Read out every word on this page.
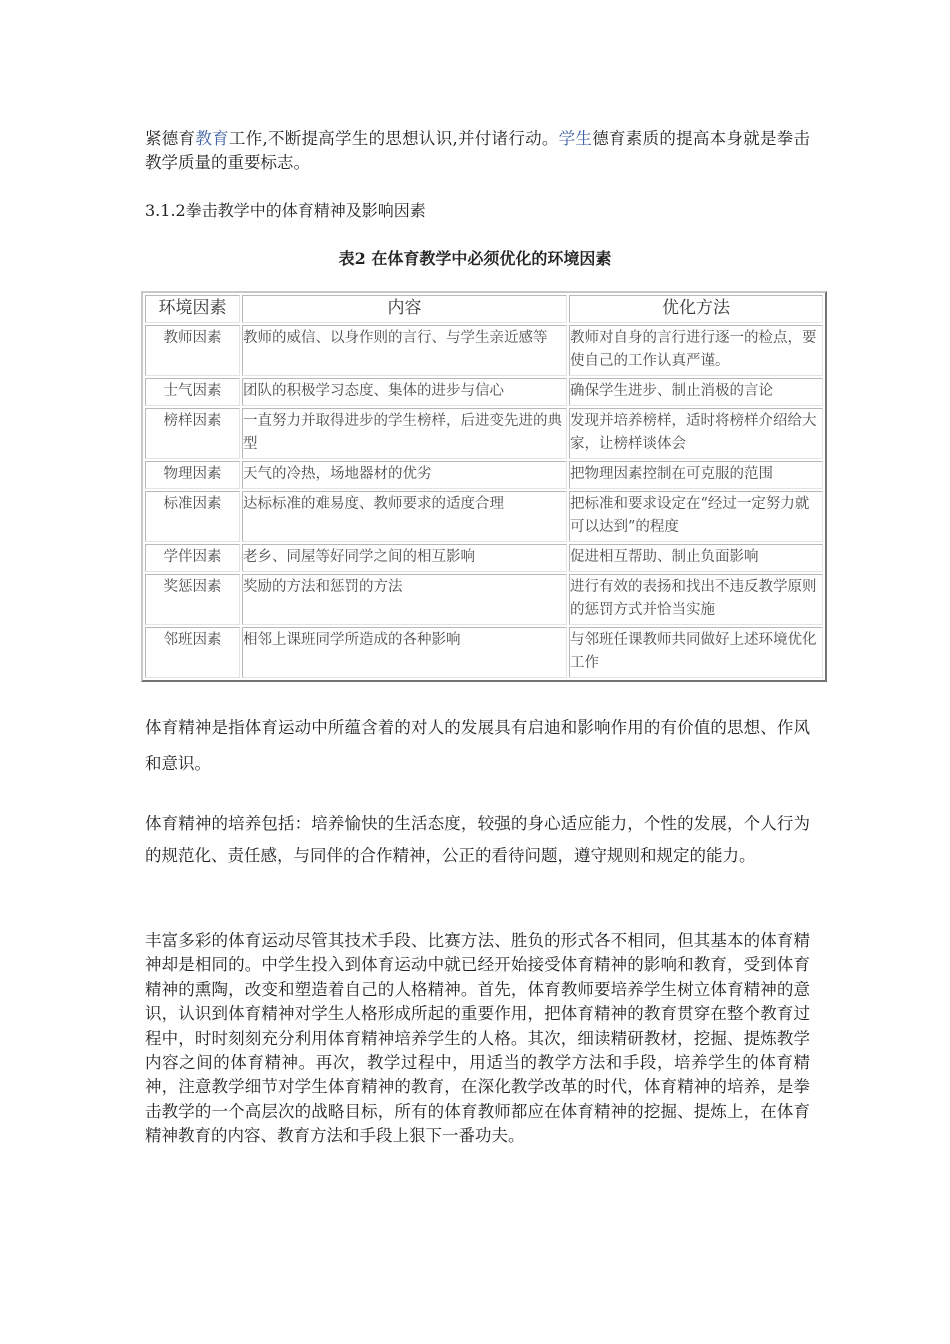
紧德育教育工作,不断提高学生的思想认识,并付诸行动。学生德育素质的提高本身就是拳击教学质量的重要标志。

3.1.2拳击教学中的体育精神及影响因素

表2 在体育教学中必须优化的环境因素

环境因素	内容	优化方法
教师因素	教师的威信、以身作则的言行、与学生亲近感等	教师对自身的言行进行逐一的检点，要使自己的工作认真严谨。
士气因素	团队的积极学习态度、集体的进步与信心	确保学生进步、制止消极的言论
榜样因素	一直努力并取得进步的学生榜样，后进变先进的典型	发现并培养榜样，适时将榜样介绍给大家，让榜样谈体会
物理因素	天气的冷热，场地器材的优劣	把物理因素控制在可克服的范围
标准因素	达标标准的难易度、教师要求的适度合理	把标准和要求设定在“经过一定努力就可以达到”的程度
学伴因素	老乡、同屋等好同学之间的相互影响	促进相互帮助、制止负面影响
奖惩因素	奖励的方法和惩罚的方法	进行有效的表扬和找出不违反教学原则的惩罚方式并恰当实施
邻班因素	相邻上课班同学所造成的各种影响	与邻班任课教师共同做好上述环境优化工作

体育精神是指体育运动中所蕴含着的对人的发展具有启迪和影响作用的有价值的思想、作风和意识。

体育精神的培养包括：培养愉快的生活态度，较强的身心适应能力，个性的发展，个人行为的规范化、责任感，与同伴的合作精神，公正的看待问题，遵守规则和规定的能力。

丰富多彩的体育运动尽管其技术手段、比赛方法、胜负的形式各不相同，但其基本的体育精神却是相同的。中学生投入到体育运动中就已经开始接受体育精神的影响和教育，受到体育精神的熏陶，改变和塑造着自己的人格精神。首先，体育教师要培养学生树立体育精神的意识，认识到体育精神对学生人格形成所起的重要作用，把体育精神的教育贯穿在整个教育过程中，时时刻刻充分利用体育精神培养学生的人格。其次，细读精研教材，挖掘、提炼教学内容之间的体育精神。再次，教学过程中，用适当的教学方法和手段，培养学生的体育精神，注意教学细节对学生体育精神的教育，在深化教学改革的时代，体育精神的培养，是拳击教学的一个高层次的战略目标，所有的体育教师都应在体育精神的挖掘、提炼上，在体育精神教育的内容、教育方法和手段上狠下一番功夫。
